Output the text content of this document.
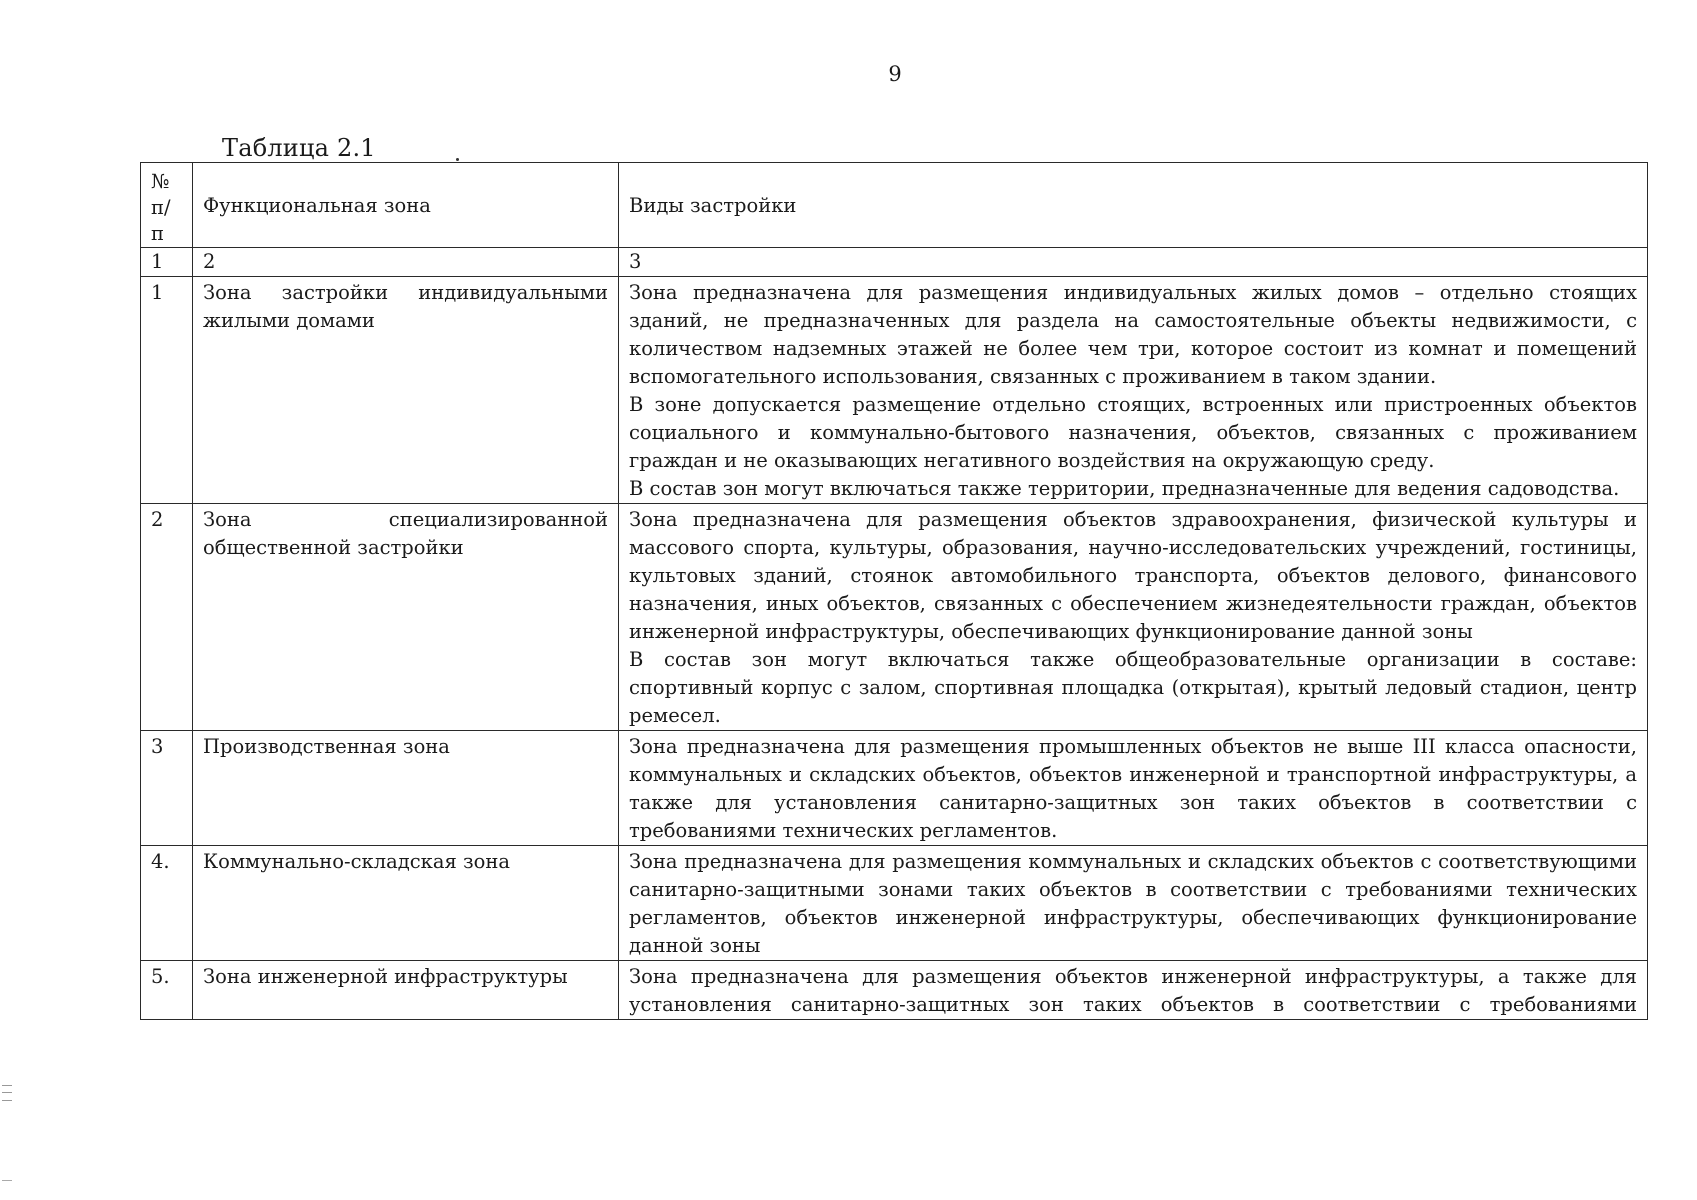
9
Таблица 2.1
№ п/п	Функциональная зона	Виды застройки
1	2	3
1	Зона застройки индивидуальными жилыми домами	Зона предназначена для размещения индивидуальных жилых домов – отдельно стоящих зданий, не предназначенных для раздела на самостоятельные объекты недвижимости, с количеством надземных этажей не более чем три, которое состоит из комнат и помещений вспомогательного использования, связанных с проживанием в таком здании.

В зоне допускается размещение отдельно стоящих, встроенных или пристроенных объектов социального и коммунально-бытового назначения, объектов, связанных с проживанием граждан и не оказывающих негативного воздействия на окружающую среду.

В состав зон могут включаться также территории, предназначенные для ведения садоводства.

2	Зона специализированной общественной застройки	Зона предназначена для размещения объектов здравоохранения, физической культуры и массового спорта, культуры, образования, научно-исследовательских учреждений, гостиницы, культовых зданий, стоянок автомобильного транспорта, объектов делового, финансового назначения, иных объектов, связанных с обеспечением жизнедеятельности граждан, объектов инженерной инфраструктуры, обеспечивающих функционирование данной зоны

В состав зон могут включаться также общеобразовательные организации в составе: спортивный корпус с залом, спортивная площадка (открытая), крытый ледовый стадион, центр ремесел.

3	Производственная зона	Зона предназначена для размещения промышленных объектов не выше III класса опасности, коммунальных и складских объектов, объектов инженерной и транспортной инфраструктуры, а также для установления санитарно-защитных зон таких объектов в соответствии с требованиями технических регламентов.

4.	Коммунально-складская зона	Зона предназначена для размещения коммунальных и складских объектов с соответствующими санитарно-защитными зонами таких объектов в соответствии с требованиями технических регламентов, объектов инженерной инфраструктуры, обеспечивающих функционирование данной зоны

5.	Зона инженерной инфраструктуры	Зона предназначена для размещения объектов инженерной инфраструктуры, а также для установления санитарно-защитных зон таких объектов в соответствии с требованиями
